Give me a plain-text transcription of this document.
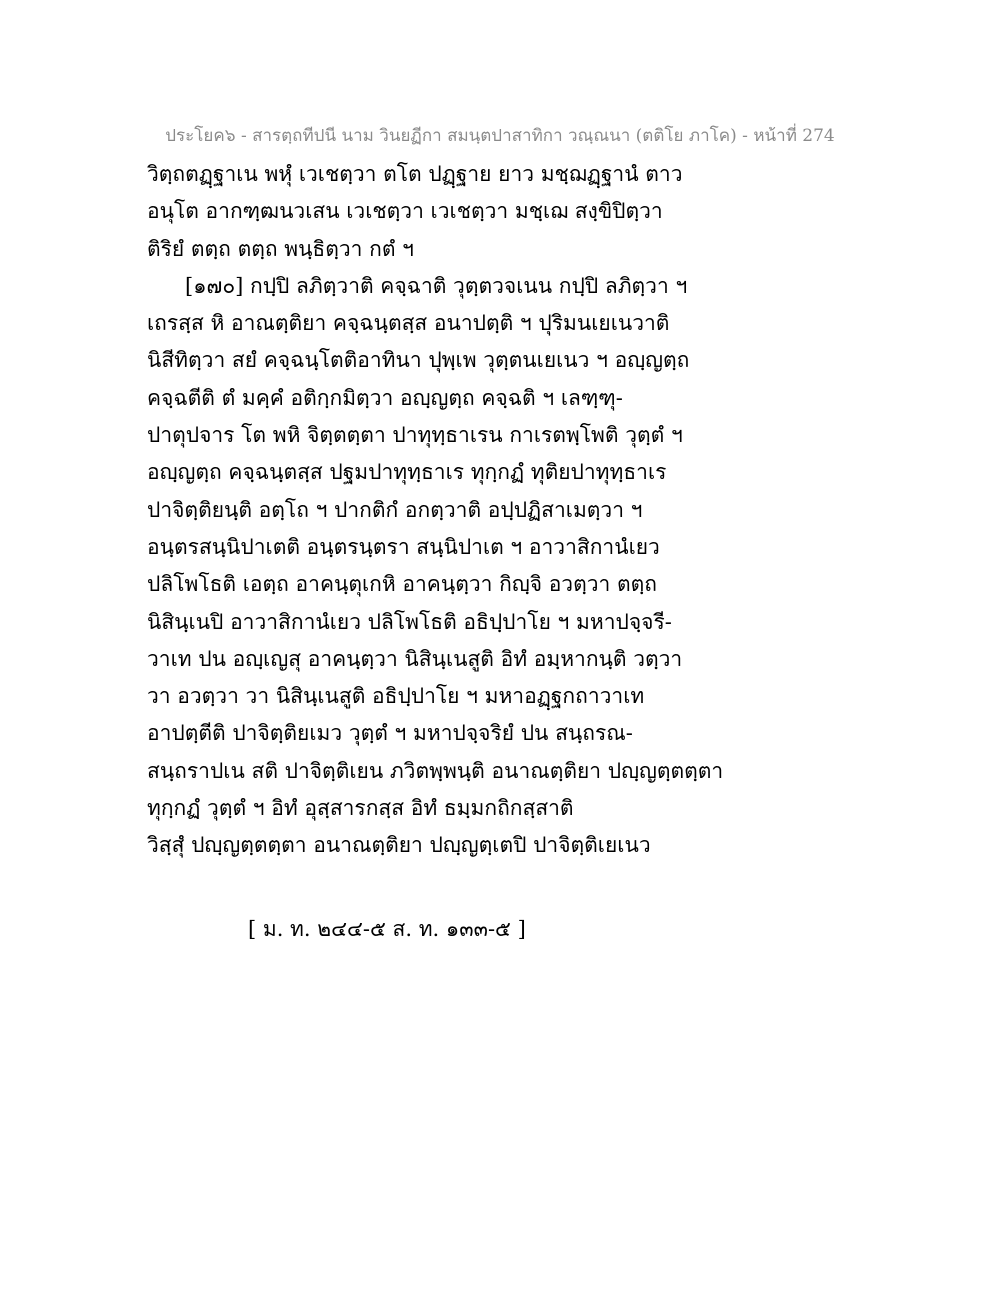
ประโยค๖ - สารตฺถทีปนี นาม วินยฏีกา สมนฺตปาสาทิกา วณฺณนา (ตติโย ภาโค) - หน้าที่ 274
วิตฺถตฏฺฐาเน พหุํ เวเชตฺวา ตโต ปฏฺฐาย ยาว มชฺฌฏฺฐานํ ตาว
อนุโต อากฑฺฒนวเสน เวเชตฺวา เวเชตฺวา มชฺเฌ สงฺขิปิตฺวา
ติริยํ ตตฺถ ตตฺถ พนฺธิตฺวา กตํ ฯ
[๑๗๐] กปฺปิ ลภิตฺวาติ คจฺฉาติ วุตฺตวจเนน กปฺปิ ลภิตฺวา ฯ
เถรสฺส หิ อาณตฺติยา คจฺฉนฺตสฺส อนาปตฺติ ฯ ปุริมนเยเนวาติ
นิสีทิตฺวา สยํ คจฺฉนฺโตติอาทินา ปุพฺเพ วุตฺตนเยเนว ฯ อญฺญตฺถ
คจฺฉตีติ ตํ มคฺคํ อติกฺกมิตฺวา อญฺญตฺถ คจฺฉติ ฯ เลฑฺฑุ-
ปาตุปจาร โต พหิ จิตฺตตฺตา ปาทุทฺธาเรน กาเรตพฺโพติ วุตฺตํ ฯ
อญฺญตฺถ คจฺฉนฺตสฺส ปฐมปาทุทฺธาเร ทุกฺกฏํ ทุติยปาทุทฺธาเร
ปาจิตฺติยนฺติ อตฺโถ ฯ ปากติกํ อกตฺวาติ อปฺปฏิสาเมตฺวา ฯ
อนฺตรสนฺนิปาเตติ อนฺตรนฺตรา สนฺนิปาเต ฯ อาวาสิกานํเยว
ปลิโพโธติ เอตฺถ อาคนฺตุเกหิ อาคนฺตฺวา กิญฺจิ อวตฺวา ตตฺถ
นิสินฺเนปิ อาวาสิกานํเยว ปลิโพโธติ อธิปฺปาโย ฯ มหาปจฺจรี-
วาเท ปน อญฺเญสุ อาคนฺตฺวา นิสินฺเนสูติ อิทํ อมฺหากนฺติ วตฺวา
วา อวตฺวา วา นิสินฺเนสูติ อธิปฺปาโย ฯ มหาอฏฺฐกถาวาเท
อาปตฺตีติ ปาจิตฺติยเมว วุตฺตํ ฯ มหาปจฺจริยํ ปน สนฺถรณ-
สนฺถราปเน สติ ปาจิตฺติเยน ภวิตพฺพนฺติ อนาณตฺติยา ปญฺญตฺตตฺตา
ทุกฺกฏํ วุตฺตํ ฯ อิทํ อุสฺสารกสฺส อิทํ ธมฺมกถิกสฺสาติ
วิสฺสุํ ปญฺญตฺตตฺตา อนาณตฺติยา ปญฺญตฺเตปิ ปาจิตฺติเยเนว
[ ม. ท. ๒๔๔-๕ ส. ท. ๑๓๓-๕ ]
